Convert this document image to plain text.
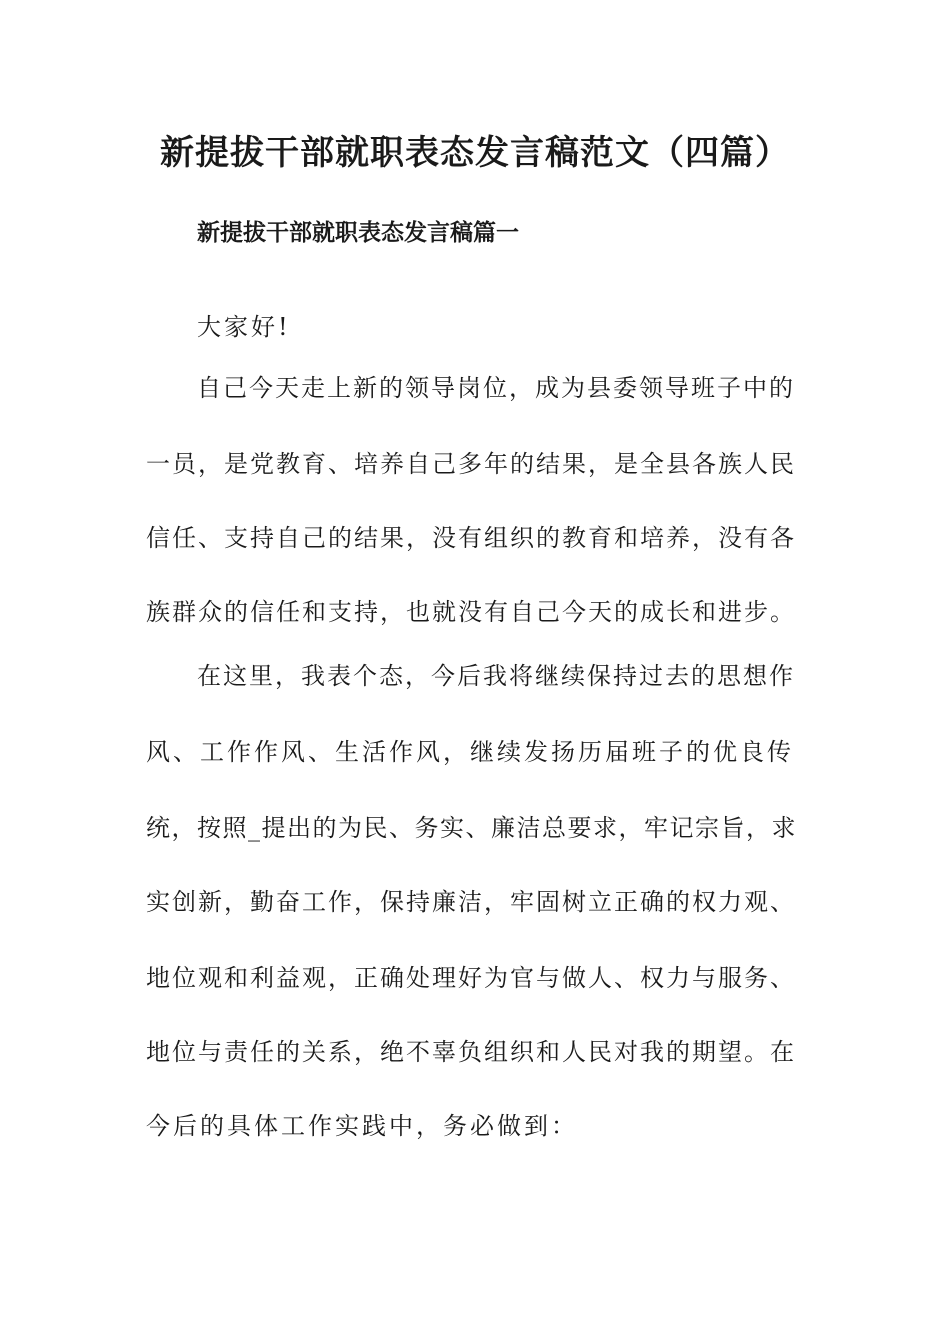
新提拔干部就职表态发言稿范文（四篇）
新提拔干部就职表态发言稿篇一
大家好!
自己今天走上新的领导岗位，成为县委领导班子中的
一员，是党教育、培养自己多年的结果，是全县各族人民
信任、支持自己的结果，没有组织的教育和培养，没有各
族群众的信任和支持，也就没有自己今天的成长和进步。
在这里，我表个态，今后我将继续保持过去的思想作
风、工作作风、生活作风，继续发扬历届班子的优良传
统，按照_提出的为民、务实、廉洁总要求，牢记宗旨，求
实创新，勤奋工作，保持廉洁，牢固树立正确的权力观、
地位观和利益观，正确处理好为官与做人、权力与服务、
地位与责任的关系，绝不辜负组织和人民对我的期望。在
今后的具体工作实践中，务必做到：
